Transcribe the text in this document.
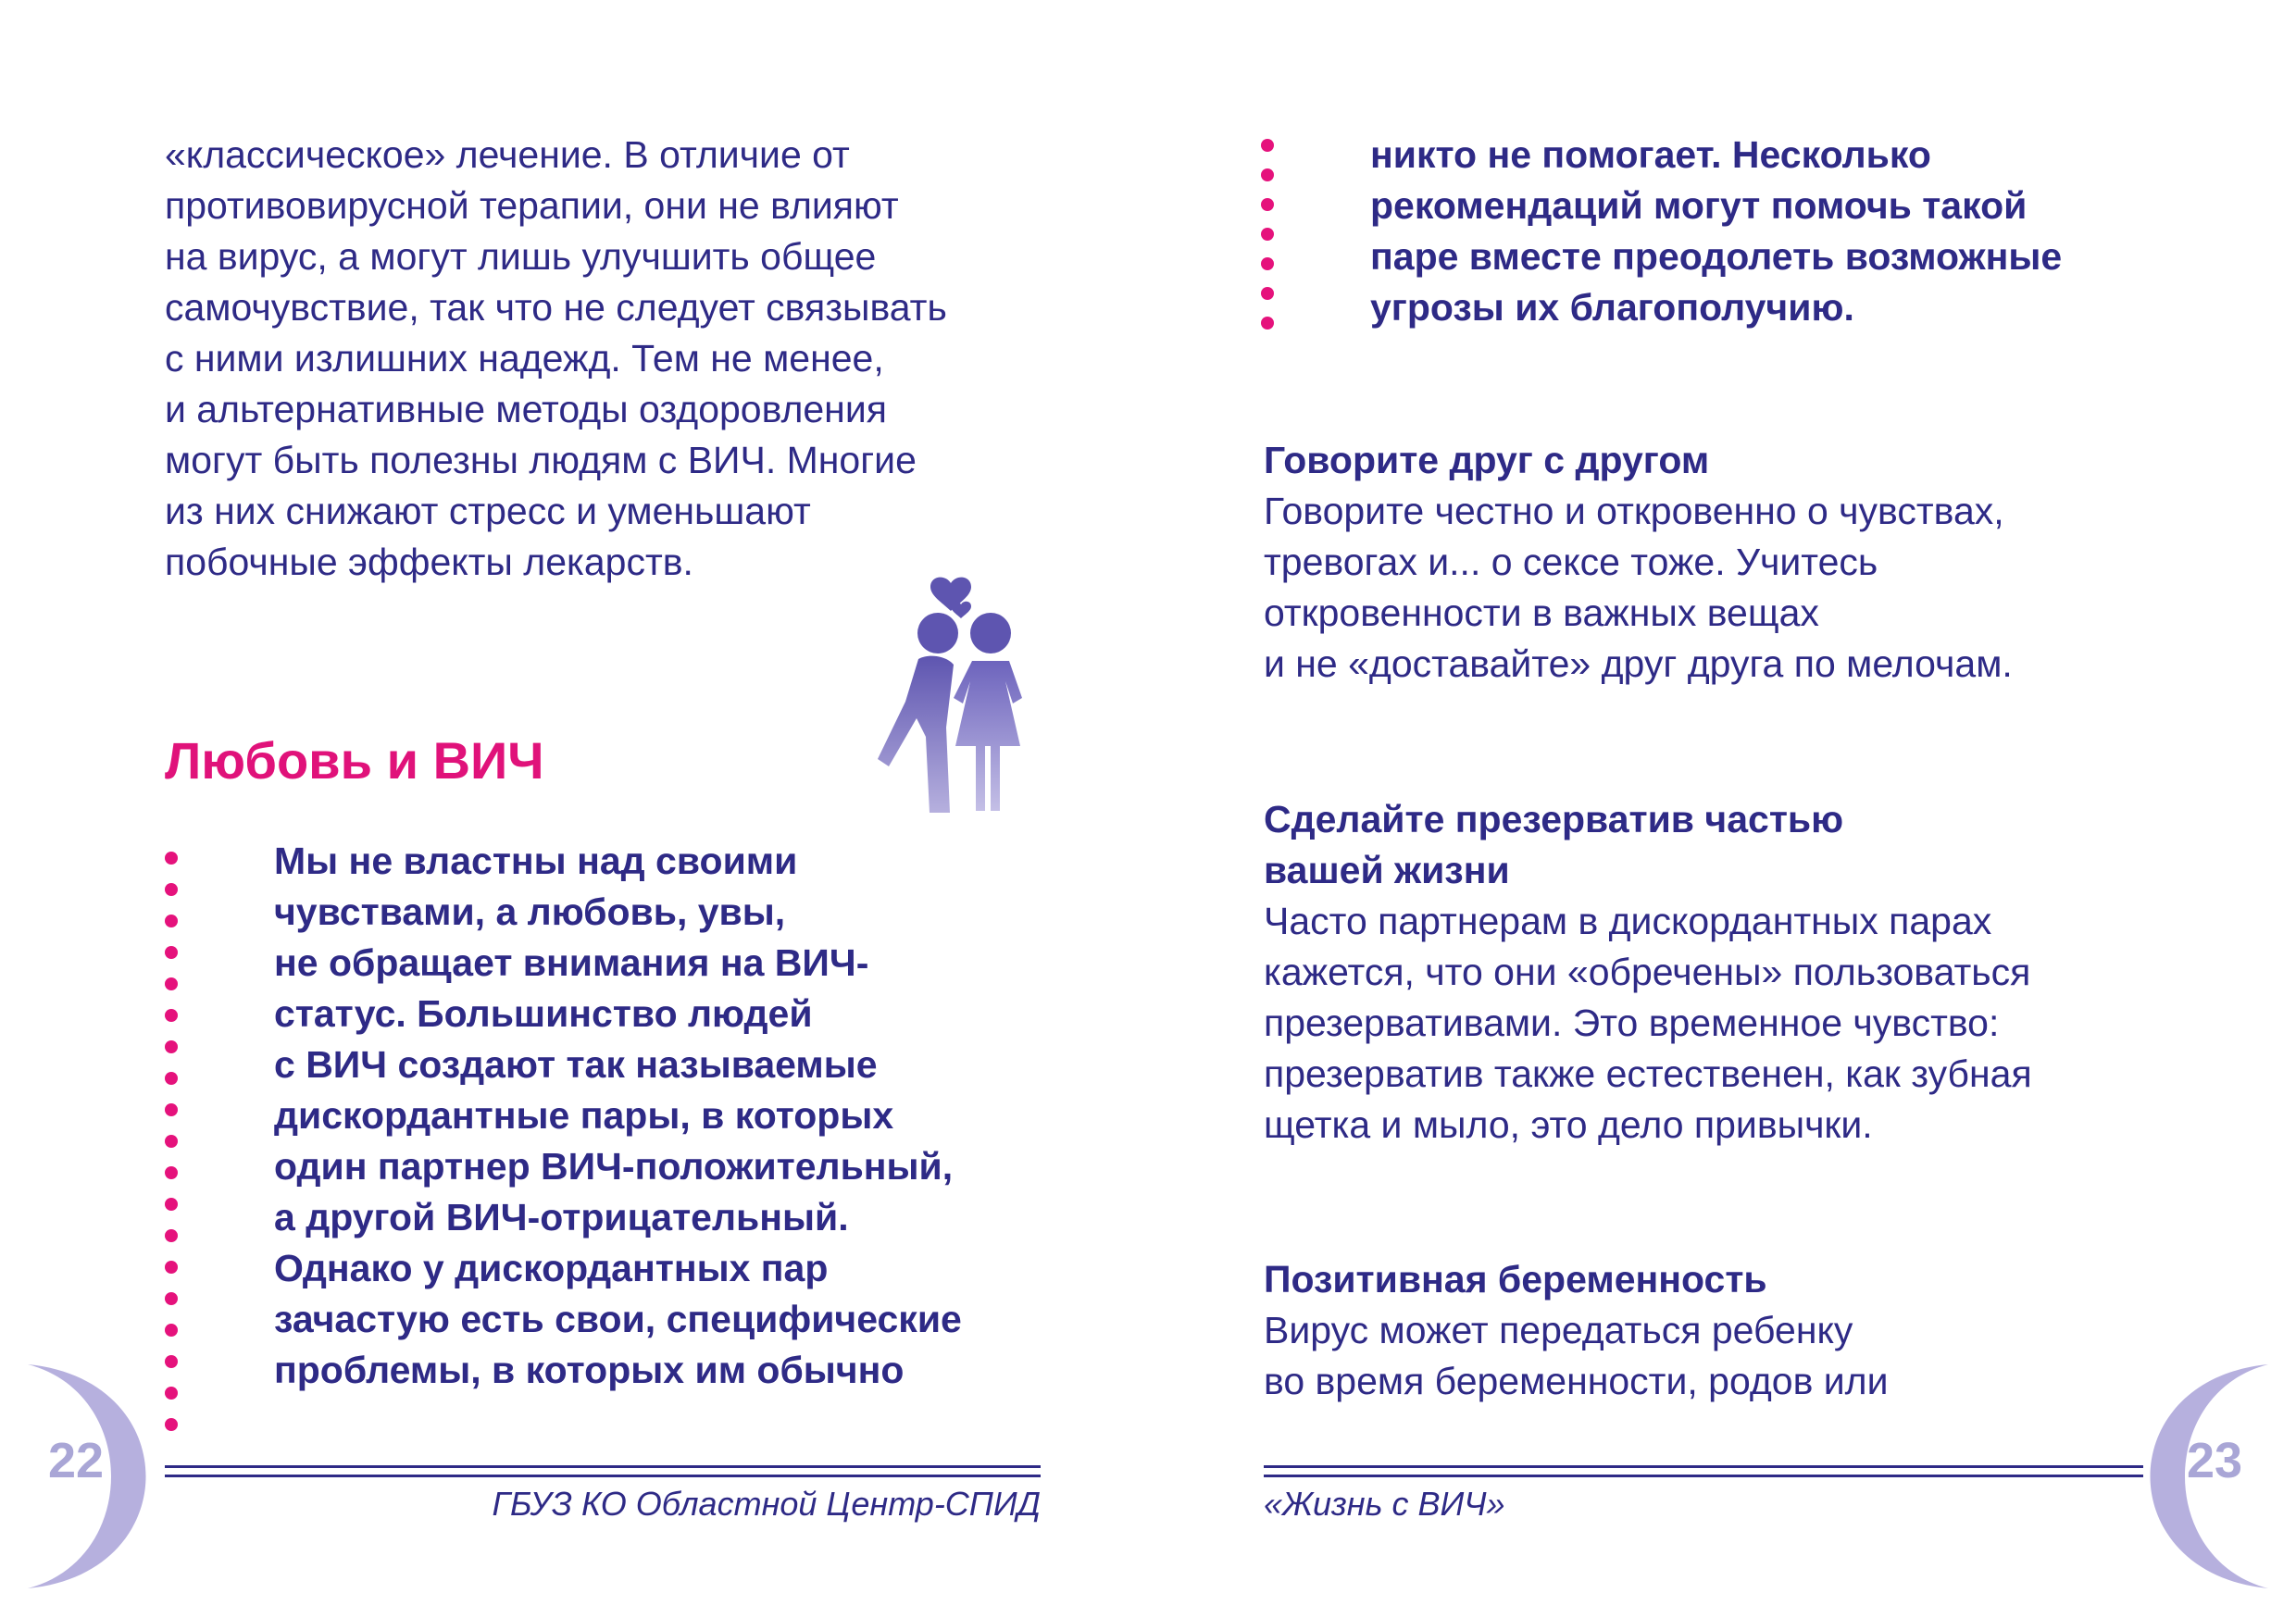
«классическое» лечение. В отличие от
противовирусной терапии, они не влияют
на вирус, а могут лишь улучшить общее
самочувствие, так что не следует связывать
с ними излишних надежд. Тем не менее,
и альтернативные методы оздоровления
могут быть полезны людям с ВИЧ. Многие
из них снижают стресс и уменьшают
побочные эффекты лекарств.

Любовь и ВИЧ

Мы не властны над своими
чувствами, а любовь, увы,
не обращает внимания на ВИЧ-
статус. Большинство людей
с ВИЧ создают так называемые
дискордантные пары, в которых
один партнер ВИЧ-положительный,
а другой ВИЧ-отрицательный.
Однако у дискордантных пар
зачастую есть свои, специфические
проблемы, в которых им обычно

22

ГБУЗ КО Областной Центр-СПИД

никто не помогает. Несколько
рекомендаций могут помочь такой
паре вместе преодолеть возможные
угрозы их благополучию.

Говорите друг с другом

Говорите честно и откровенно о чувствах,
тревогах и... о сексе тоже. Учитесь
откровенности в важных вещах
и не «доставайте» друг друга по мелочам.

Сделайте презерватив частью
вашей жизни

Часто партнерам в дискордантных парах
кажется, что они «обречены» пользоваться
презервативами. Это временное чувство:
презерватив также естественен, как зубная
щетка и мыло, это дело привычки.

Позитивная беременность

Вирус может передаться ребенку
во время беременности, родов или

«Жизнь с ВИЧ»

23
